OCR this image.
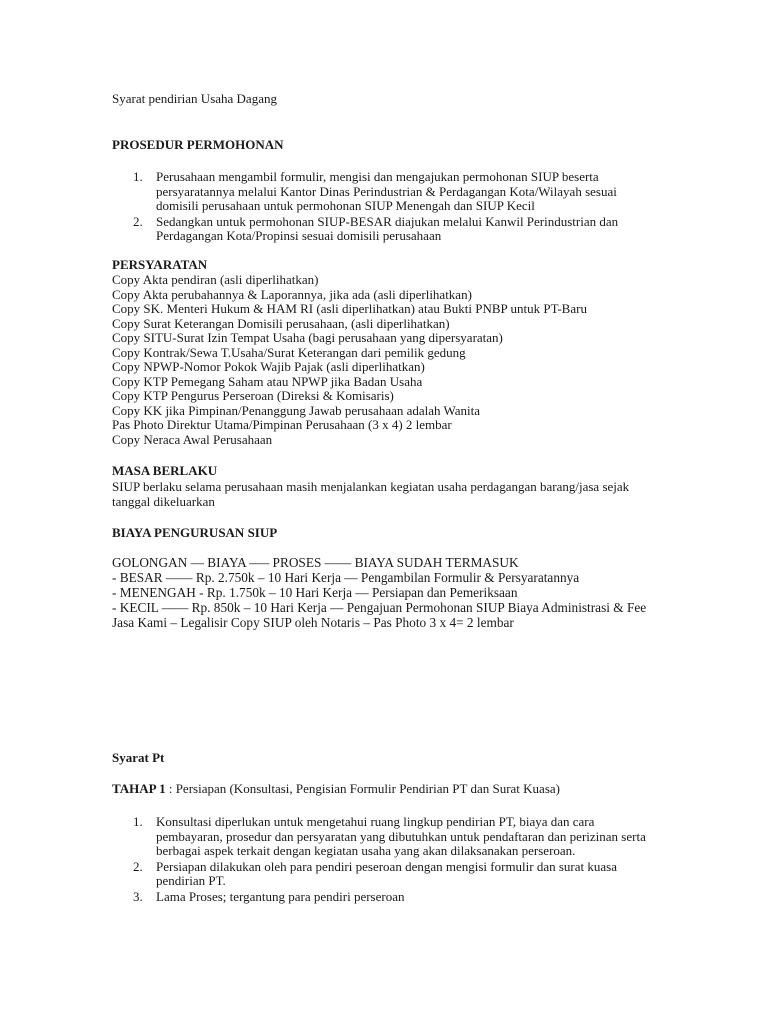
Syarat pendirian Usaha Dagang
PROSEDUR PERMOHONAN
1. Perusahaan mengambil formulir, mengisi dan mengajukan permohonan SIUP beserta persyaratannya melalui Kantor Dinas Perindustrian & Perdagangan Kota/Wilayah sesuai domisili perusahaan untuk permohonan SIUP Menengah dan SIUP Kecil
2. Sedangkan untuk permohonan SIUP-BESAR diajukan melalui Kanwil Perindustrian dan Perdagangan Kota/Propinsi sesuai domisili perusahaan
PERSYARATAN
Copy Akta pendiran (asli diperlihatkan)
Copy Akta perubahannya & Laporannya, jika ada (asli diperlihatkan)
Copy SK. Menteri Hukum & HAM RI (asli diperlihatkan) atau Bukti PNBP untuk PT-Baru
Copy Surat Keterangan Domisili perusahaan, (asli diperlihatkan)
Copy SITU-Surat Izin Tempat Usaha (bagi perusahaan yang dipersyaratan)
Copy Kontrak/Sewa T.Usaha/Surat Keterangan dari pemilik gedung
Copy NPWP-Nomor Pokok Wajib Pajak (asli diperlihatkan)
Copy KTP Pemegang Saham atau NPWP jika Badan Usaha
Copy KTP Pengurus Perseroan (Direksi & Komisaris)
Copy KK jika Pimpinan/Penanggung Jawab perusahaan adalah Wanita
Pas Photo Direktur Utama/Pimpinan Perusahaan (3 x 4) 2 lembar
Copy Neraca Awal Perusahaan
MASA BERLAKU
SIUP berlaku selama perusahaan masih menjalankan kegiatan usaha perdagangan barang/jasa sejak tanggal dikeluarkan
BIAYA PENGURUSAN SIUP
GOLONGAN — BIAYA —– PROSES —— BIAYA SUDAH TERMASUK
- BESAR —— Rp. 2.750k – 10 Hari Kerja — Pengambilan Formulir & Persyaratannya
- MENENGAH - Rp. 1.750k – 10 Hari Kerja — Persiapan dan Pemeriksaan
- KECIL —— Rp. 850k – 10 Hari Kerja — Pengajuan Permohonan SIUP Biaya Administrasi & Fee Jasa Kami – Legalisir Copy SIUP oleh Notaris – Pas Photo 3 x 4= 2 lembar
Syarat Pt
TAHAP 1 : Persiapan (Konsultasi, Pengisian Formulir Pendirian PT dan Surat Kuasa)
1. Konsultasi diperlukan untuk mengetahui ruang lingkup pendirian PT, biaya dan cara pembayaran, prosedur dan persyaratan yang dibutuhkan untuk pendaftaran dan perizinan serta berbagai aspek terkait dengan kegiatan usaha yang akan dilaksanakan perseroan.
2. Persiapan dilakukan oleh para pendiri peseroan dengan mengisi formulir dan surat kuasa pendirian PT.
3. Lama Proses; tergantung para pendiri perseroan
